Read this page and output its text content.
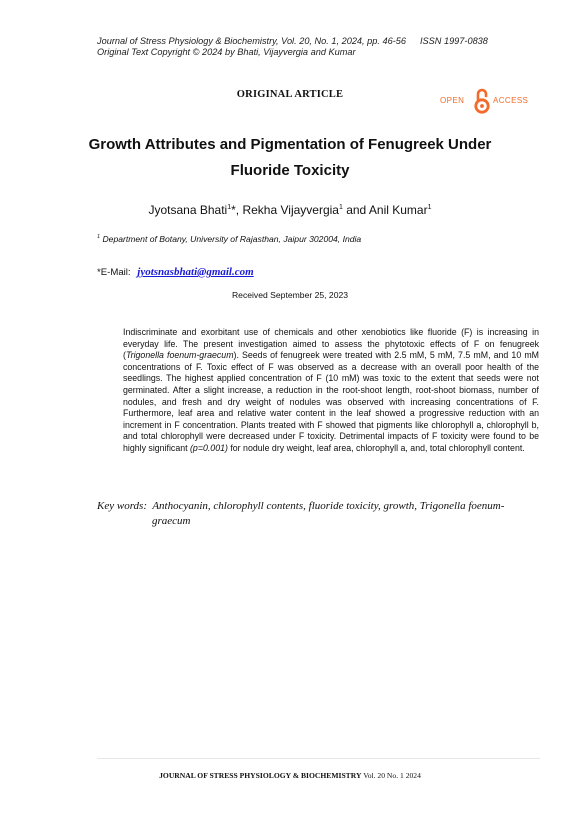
Journal of Stress Physiology & Biochemistry, Vol. 20, No. 1, 2024, pp. 46-56 ISSN 1997-0838
Original Text Copyright © 2024 by Bhati, Vijayvergia and Kumar
ORIGINAL ARTICLE
OPEN	ACCESS
Growth Attributes and Pigmentation of Fenugreek Under Fluoride Toxicity
Jyotsana Bhati$^1$*, Rekha Vijayvergia$^1$ and Anil Kumar$^1$
$^1$ Department of Botany, University of Rajasthan, Jaipur 302004, India
*E-Mail: jyotsnasbhati@gmail.com
Received September 25, 2023

Indiscriminate and exorbitant use of chemicals and other xenobiotics like fluoride (F) is increasing in everyday life. The present investigation aimed to assess the phytotoxic effects of F on fenugreek (Trigonella foenum-graecum). Seeds of fenugreek were treated with 2.5 mM, 5 mM, 7.5 mM, and 10 mM concentrations of F. Toxic effect of F was observed as a decrease with an overall poor health of the seedlings. The highest applied concentration of F (10 mM) was toxic to the extent that seeds were not germinated. After a slight increase, a reduction in the root-shoot length, root-shoot biomass, number of nodules, and fresh and dry weight of nodules was observed with increasing concentrations of F. Furthermore, leaf area and relative water content in the leaf showed a progressive reduction with an increment in F concentration. Plants treated with F showed that pigments like chlorophyll a, chlorophyll b, and total chlorophyll were decreased under F toxicity. Detrimental impacts of F toxicity were found to be highly significant (p=0.001) for nodule dry weight, leaf area, chlorophyll a, and, total chlorophyll content.

Key words: Anthocyanin, chlorophyll contents, fluoride toxicity, growth, Trigonella foenum-
graecum
JOURNAL OF STRESS PHYSIOLOGY & BIOCHEMISTRY Vol. 20 No. 1 2024
